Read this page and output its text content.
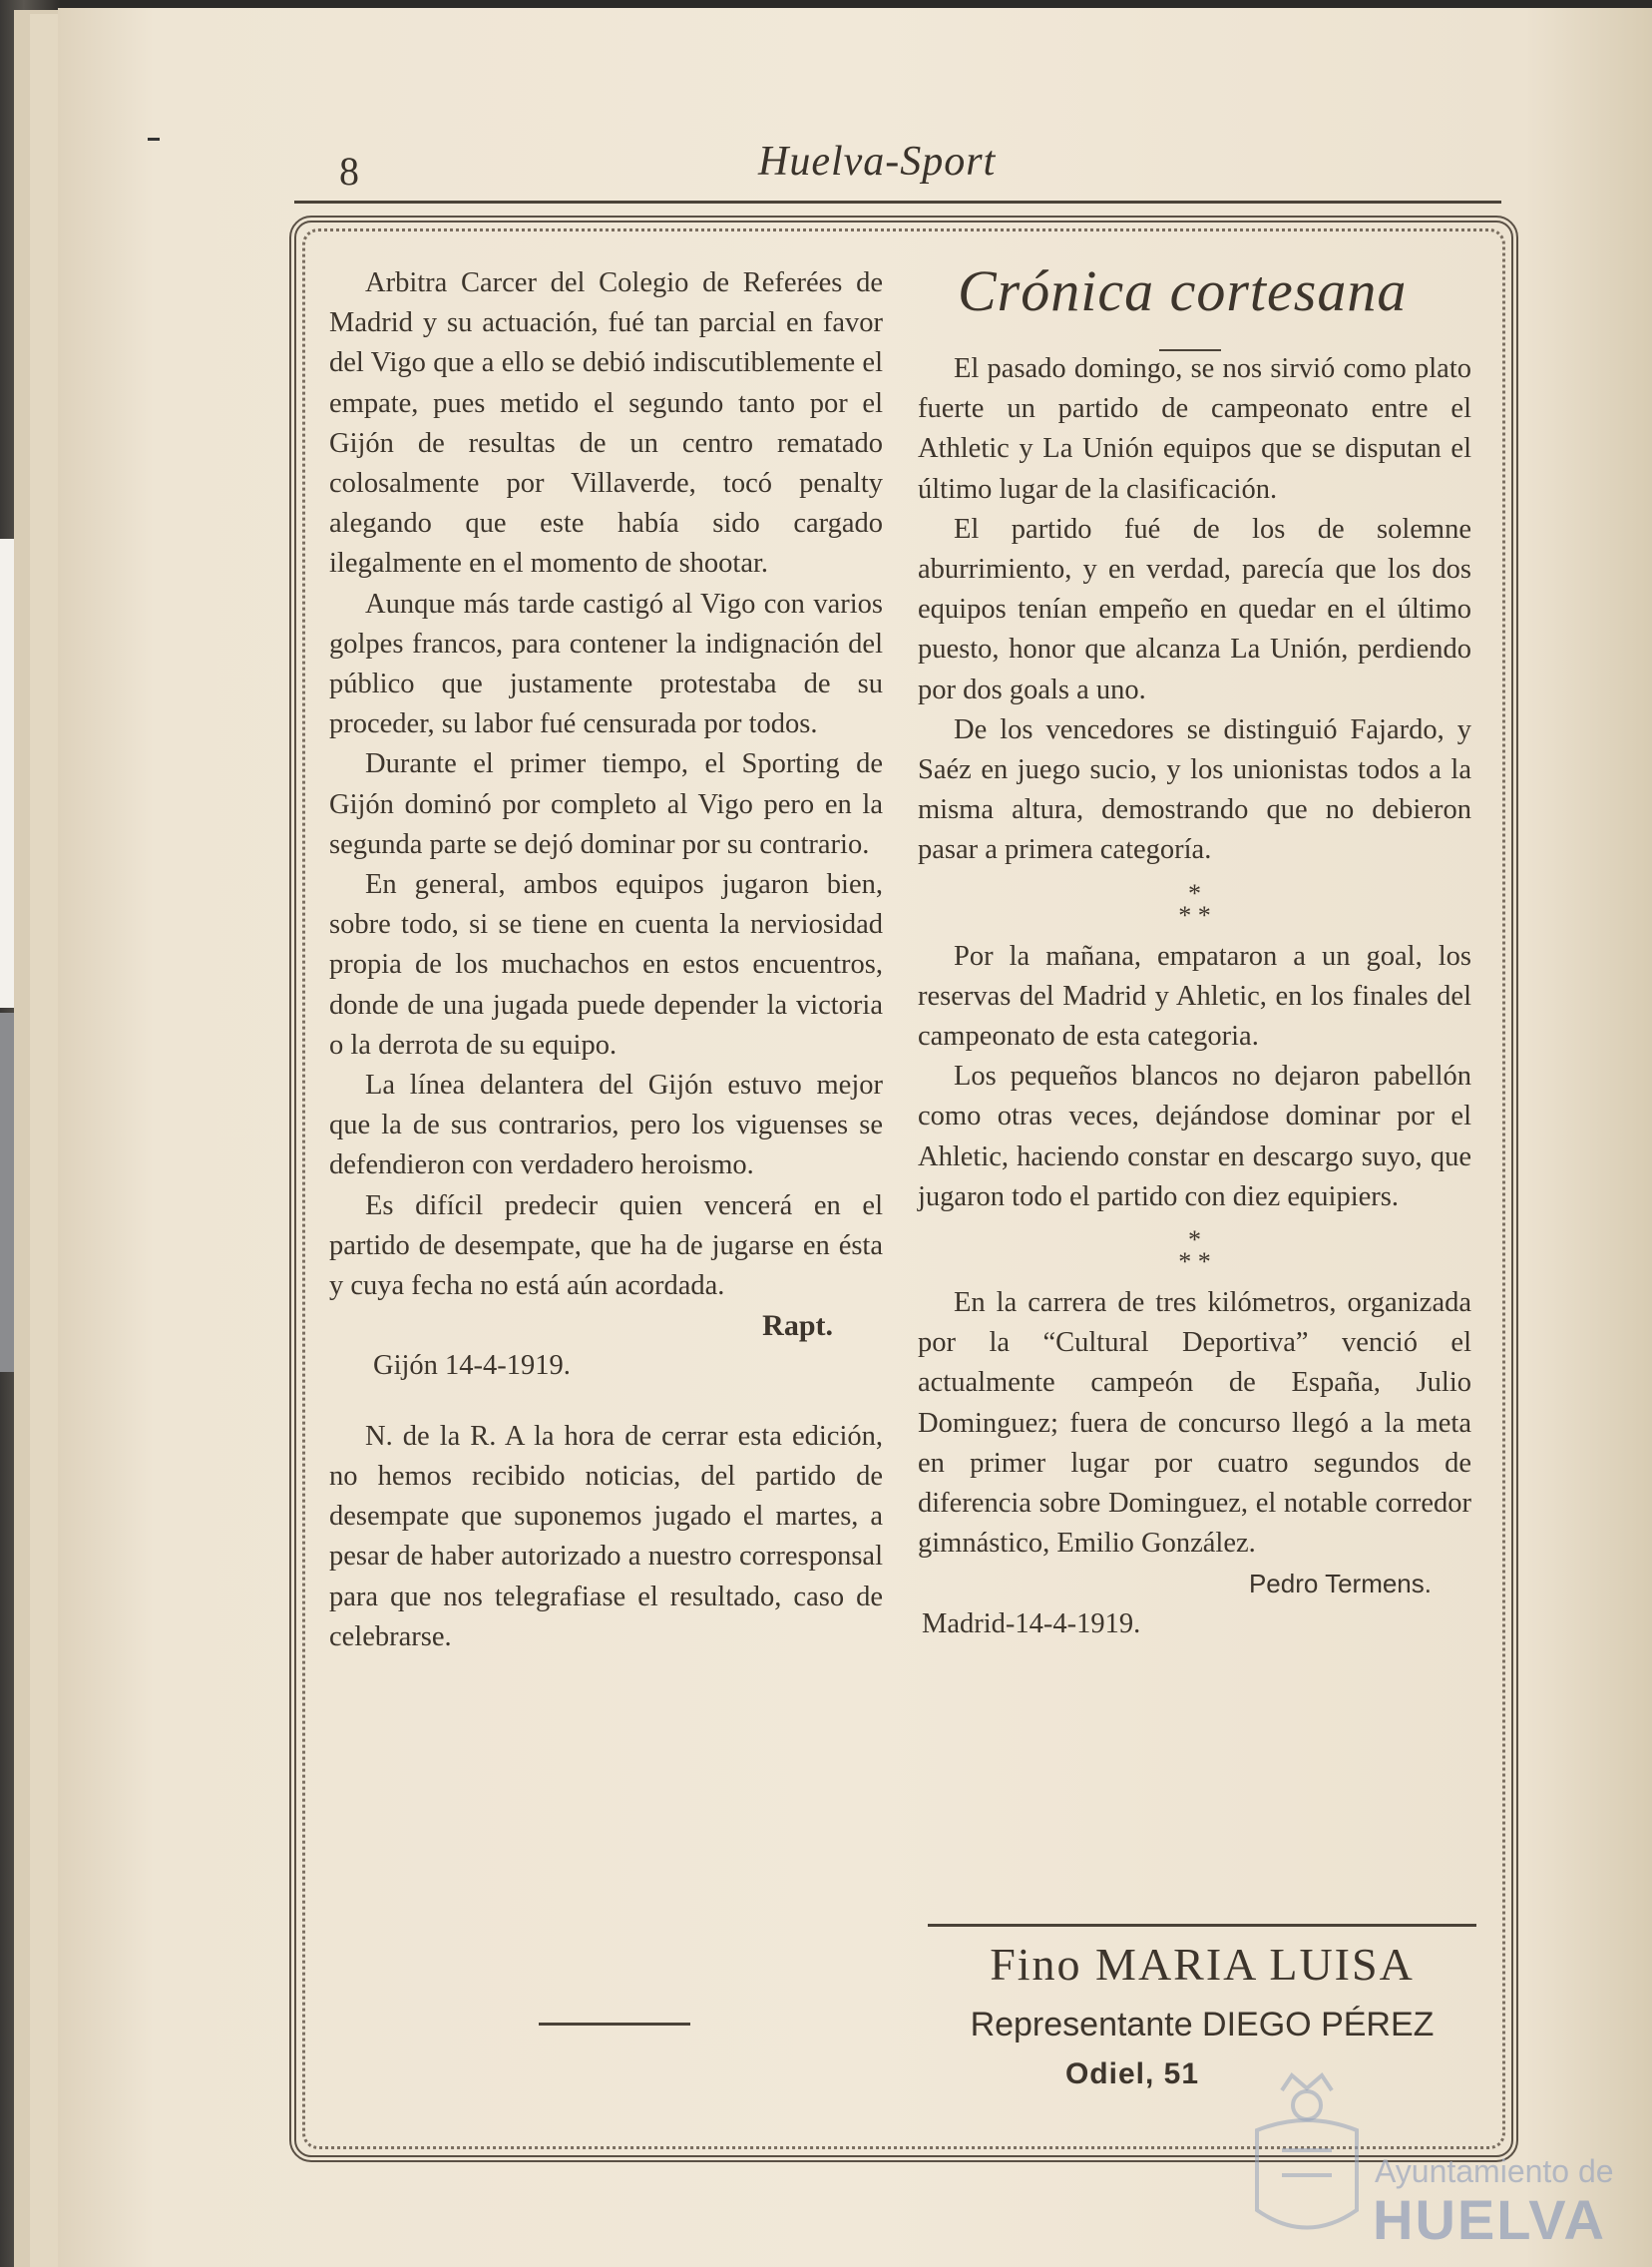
8	Huelva-Sport

Arbitra Carcer del Colegio de Referées de Madrid y su actuación, fué tan parcial en favor del Vigo que a ello se debió indiscutiblemente el empate, pues metido el segundo tanto por el Gijón de resultas de un centro rematado colosalmente por Villaverde, tocó penalty alegando que este había sido cargado ilegalmente en el momento de shootar.

Aunque más tarde castigó al Vigo con varios golpes francos, para contener la indignación del público que justamente protestaba de su proceder, su labor fué censurada por todos.

Durante el primer tiempo, el Sporting de Gijón dominó por completo al Vigo pero en la segunda parte se dejó dominar por su contrario.

En general, ambos equipos jugaron bien, sobre todo, si se tiene en cuenta la nerviosidad propia de los muchachos en estos encuentros, donde de una jugada puede depender la victoria o la derrota de su equipo.

La línea delantera del Gijón estuvo mejor que la de sus contrarios, pero los viguenses se defendieron con verdadero heroismo.

Es difícil predecir quien vencerá en el partido de desempate, que ha de jugarse en ésta y cuya fecha no está aún acordada.

Rapt.

Gijón 14-4-1919.

N. de la R. A la hora de cerrar esta edición, no hemos recibido noticias, del partido de desempate que suponemos jugado el martes, a pesar de haber autorizado a nuestro corresponsal para que nos telegrafiase el resultado, caso de celebrarse.

Crónica cortesana

El pasado domingo, se nos sirvió como plato fuerte un partido de campeonato entre el Athletic y La Unión equipos que se disputan el último lugar de la clasificación.

El partido fué de los de solemne aburrimiento, y en verdad, parecía que los dos equipos tenían empeño en quedar en el último puesto, honor que alcanza La Unión, perdiendo por dos goals a uno.

De los vencedores se distinguió Fajardo, y Saéz en juego sucio, y los unionistas todos a la misma altura, demostrando que no debieron pasar a primera categoría.

*
* *

Por la mañana, empataron a un goal, los reservas del Madrid y Ahletic, en los finales del campeonato de esta categoria.

Los pequeños blancos no dejaron pabellón como otras veces, dejándose dominar por el Ahletic, haciendo constar en descargo suyo, que jugaron todo el partido con diez equipiers.

*
* *

En la carrera de tres kilómetros, organizada por la “Cultural Deportiva” venció el actualmente campeón de España, Julio Dominguez; fuera de concurso llegó a la meta en primer lugar por cuatro segundos de diferencia sobre Dominguez, el notable corredor gimnástico, Emilio González.

Pedro Termens.

Madrid-14-4-1919.

Fino MARIA LUISA
Representante DIEGO PÉREZ
Odiel, 51
Ayuntamiento de
HUELVA
